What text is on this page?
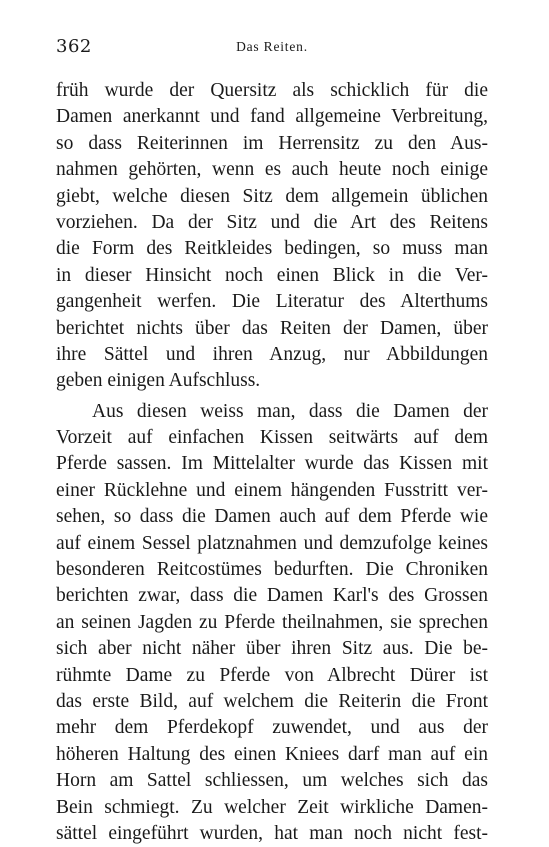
362	Das Reiten.
früh wurde der Quersitz als schicklich für die
Damen anerkannt und fand allgemeine Verbreitung,
so dass Reiterinnen im Herrensitz zu den Aus-
nahmen gehörten, wenn es auch heute noch einige
giebt, welche diesen Sitz dem allgemein üblichen
vorziehen. Da der Sitz und die Art des Reitens
die Form des Reitkleides bedingen, so muss man
in dieser Hinsicht noch einen Blick in die Ver-
gangenheit werfen. Die Literatur des Alterthums
berichtet nichts über das Reiten der Damen, über
ihre Sättel und ihren Anzug, nur Abbildungen
geben einigen Aufschluss.
Aus diesen weiss man, dass die Damen der
Vorzeit auf einfachen Kissen seitwärts auf dem
Pferde sassen. Im Mittelalter wurde das Kissen mit
einer Rücklehne und einem hängenden Fusstritt ver-
sehen, so dass die Damen auch auf dem Pferde wie
auf einem Sessel platznahmen und demzufolge keines
besonderen Reitcostümes bedurften. Die Chroniken
berichten zwar, dass die Damen Karl's des Grossen
an seinen Jagden zu Pferde theilnahmen, sie sprechen
sich aber nicht näher über ihren Sitz aus. Die be-
rühmte Dame zu Pferde von Albrecht Dürer ist
das erste Bild, auf welchem die Reiterin die Front
mehr dem Pferdekopf zuwendet, und aus der
höheren Haltung des einen Kniees darf man auf ein
Horn am Sattel schliessen, um welches sich das
Bein schmiegt. Zu welcher Zeit wirkliche Damen-
sättel eingeführt wurden, hat man noch nicht fest-
